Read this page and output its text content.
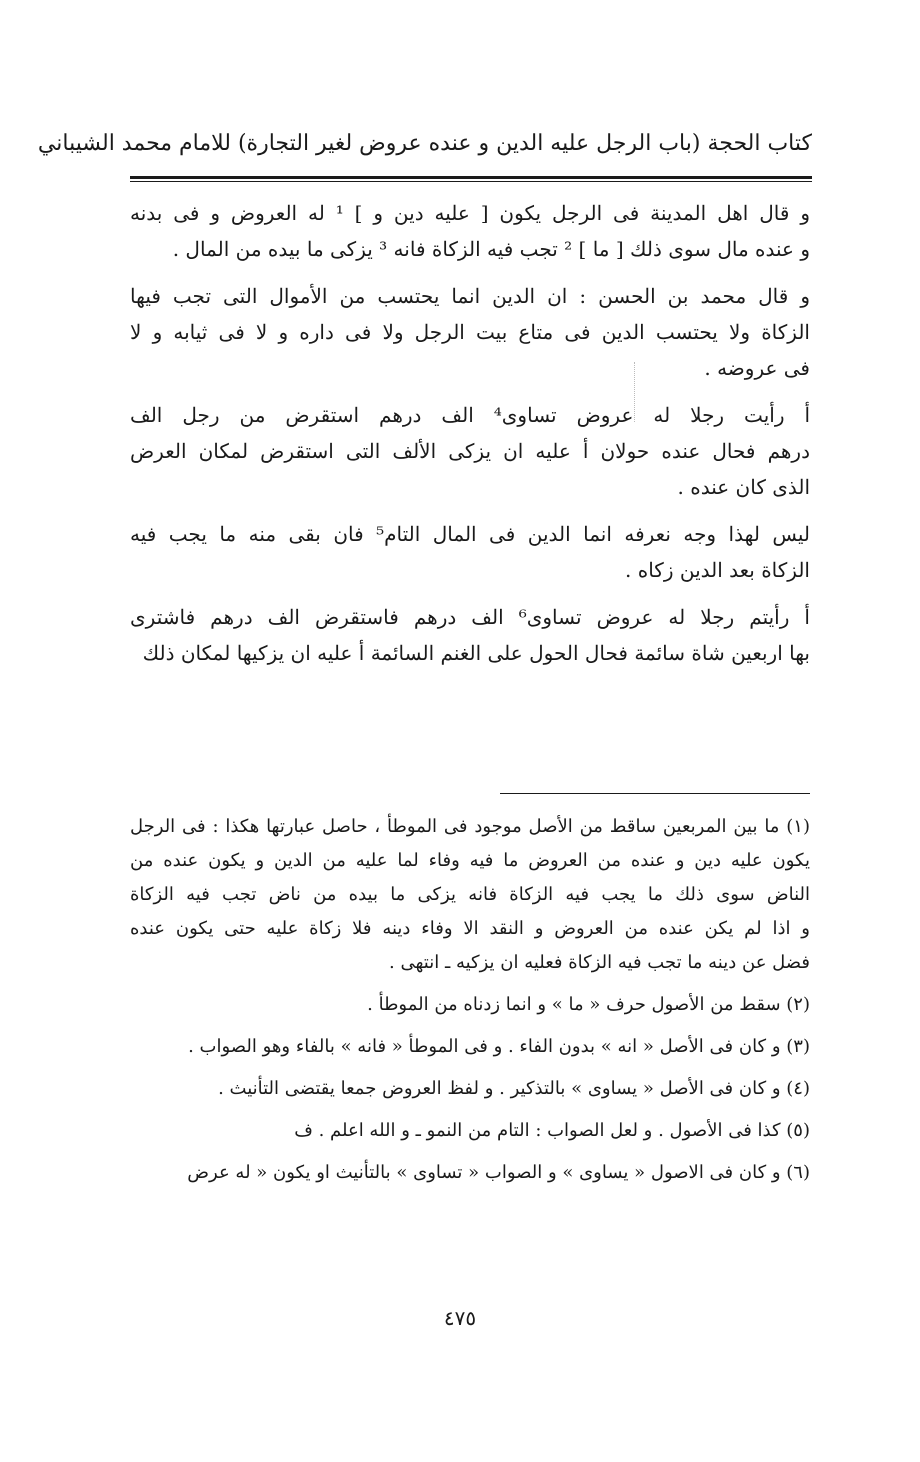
كتاب الحجة (باب الرجل عليه الدين و عنده عروض لغير التجارة) للامام محمد الشيباني
و قال اهل المدينة فى الرجل يكون [ عليه دين و ] ¹ له العروض و فى بدنه
و عنده مال سوى ذلك [ ما ] ² تجب فيه الزكاة فانه ³ يزكى ما بيده من المال .
و قال محمد بن الحسن : ان الدين انما يحتسب من الأموال التى تجب فيها
الزكاة ولا يحتسب الدين فى متاع بيت الرجل ولا فى داره و لا فى ثيابه و لا
فى عروضه .
أ رأيت رجلا له عروض تساوى⁴ الف درهم استقرض من رجل الف
درهم فحال عنده حولان أ عليه ان يزكى الألف التى استقرض لمكان العرض
الذى كان عنده .
ليس لهذا وجه نعرفه انما الدين فى المال التام⁵ فان بقى منه ما يجب فيه
الزكاة بعد الدين زكاه .
أ رأيتم رجلا له عروض تساوى⁶ الف درهم فاستقرض الف درهم فاشترى
بها اربعين شاة سائمة فحال الحول على الغنم السائمة أ عليه ان يزكيها لمكان ذلك
(١) ما بين المربعين ساقط من الأصل موجود فى الموطأ ، حاصل عبارتها هكذا : فى الرجل
يكون عليه دين و عنده من العروض ما فيه وفاء لما عليه من الدين و يكون عنده من
الناض سوى ذلك ما يجب فيه الزكاة فانه يزكى ما بيده من ناض تجب فيه الزكاة
و اذا لم يكن عنده من العروض و النقد الا وفاء دينه فلا زكاة عليه حتى يكون عنده
فضل عن دينه ما تجب فيه الزكاة فعليه ان يزكيه ـ انتهى .
(٢) سقط من الأصول حرف « ما » و انما زدناه من الموطأ .
(٣) و كان فى الأصل « انه » بدون الفاء . و فى الموطأ « فانه » بالفاء وهو الصواب .
(٤) و كان فى الأصل « يساوى » بالتذكير . و لفظ العروض جمعا يقتضى التأنيث .
(٥) كذا فى الأصول . و لعل الصواب : التام من النمو ـ و الله اعلم . ف
(٦) و كان فى الاصول « يساوى » و الصواب « تساوى » بالتأنيث او يكون « له عرض
٤٧٥
